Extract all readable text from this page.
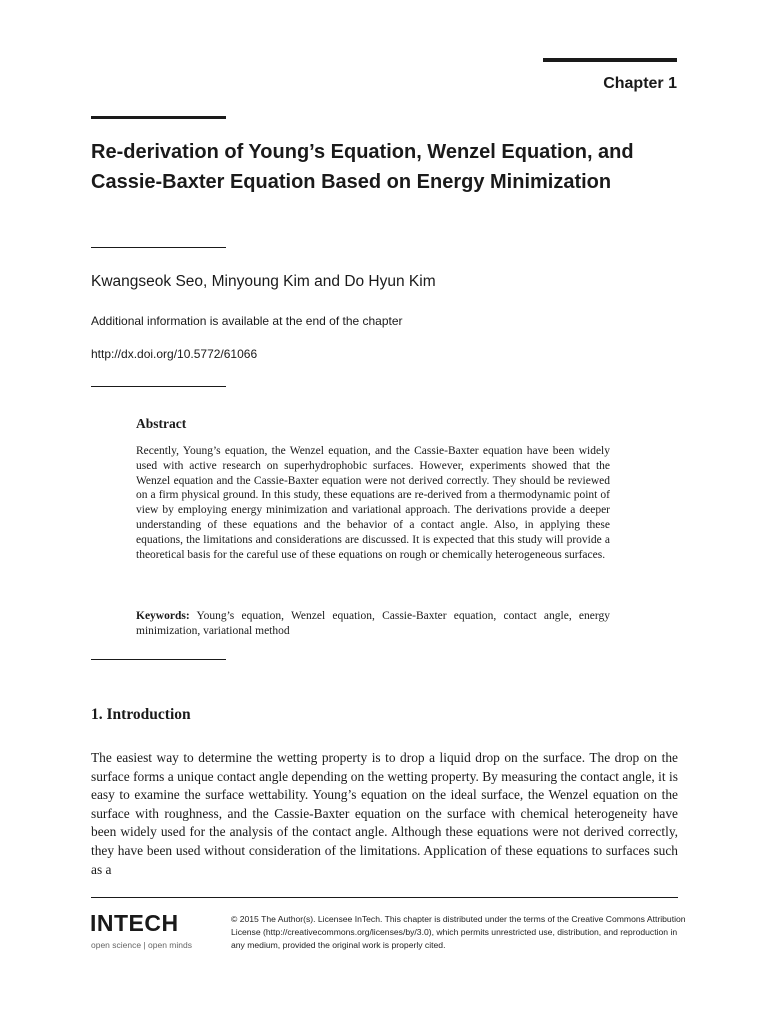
Chapter 1
Re-derivation of Young’s Equation, Wenzel Equation, and Cassie-Baxter Equation Based on Energy Minimization
Kwangseok Seo, Minyoung Kim and Do Hyun Kim
Additional information is available at the end of the chapter
http://dx.doi.org/10.5772/61066
Abstract

Recently, Young’s equation, the Wenzel equation, and the Cassie-Baxter equation have been widely used with active research on superhydrophobic surfaces. However, experiments showed that the Wenzel equation and the Cassie-Baxter equation were not derived correctly. They should be reviewed on a firm physical ground. In this study, these equations are re-derived from a thermodynamic point of view by employing energy minimization and variational approach. The derivations provide a deeper understanding of these equations and the behavior of a contact angle. Also, in applying these equations, the limitations and considerations are discussed. It is expected that this study will provide a theoretical basis for the careful use of these equations on rough or chemically heterogeneous surfaces.

Keywords: Young’s equation, Wenzel equation, Cassie-Baxter equation, contact angle, energy minimization, variational method

1. Introduction

The easiest way to determine the wetting property is to drop a liquid drop on the surface. The drop on the surface forms a unique contact angle depending on the wetting property. By measuring the contact angle, it is easy to examine the surface wettability. Young’s equation on the ideal surface, the Wenzel equation on the surface with roughness, and the Cassie-Baxter equation on the surface with chemical heterogeneity have been widely used for the analysis of the contact angle. Although these equations were not derived correctly, they have been used without consideration of the limitations. Application of these equations to surfaces such as a

INTECH
open science | open minds

© 2015 The Author(s). Licensee InTech. This chapter is distributed under the terms of the Creative Commons Attribution License (http://creativecommons.org/licenses/by/3.0), which permits unrestricted use, distribution, and reproduction in any medium, provided the original work is properly cited.
